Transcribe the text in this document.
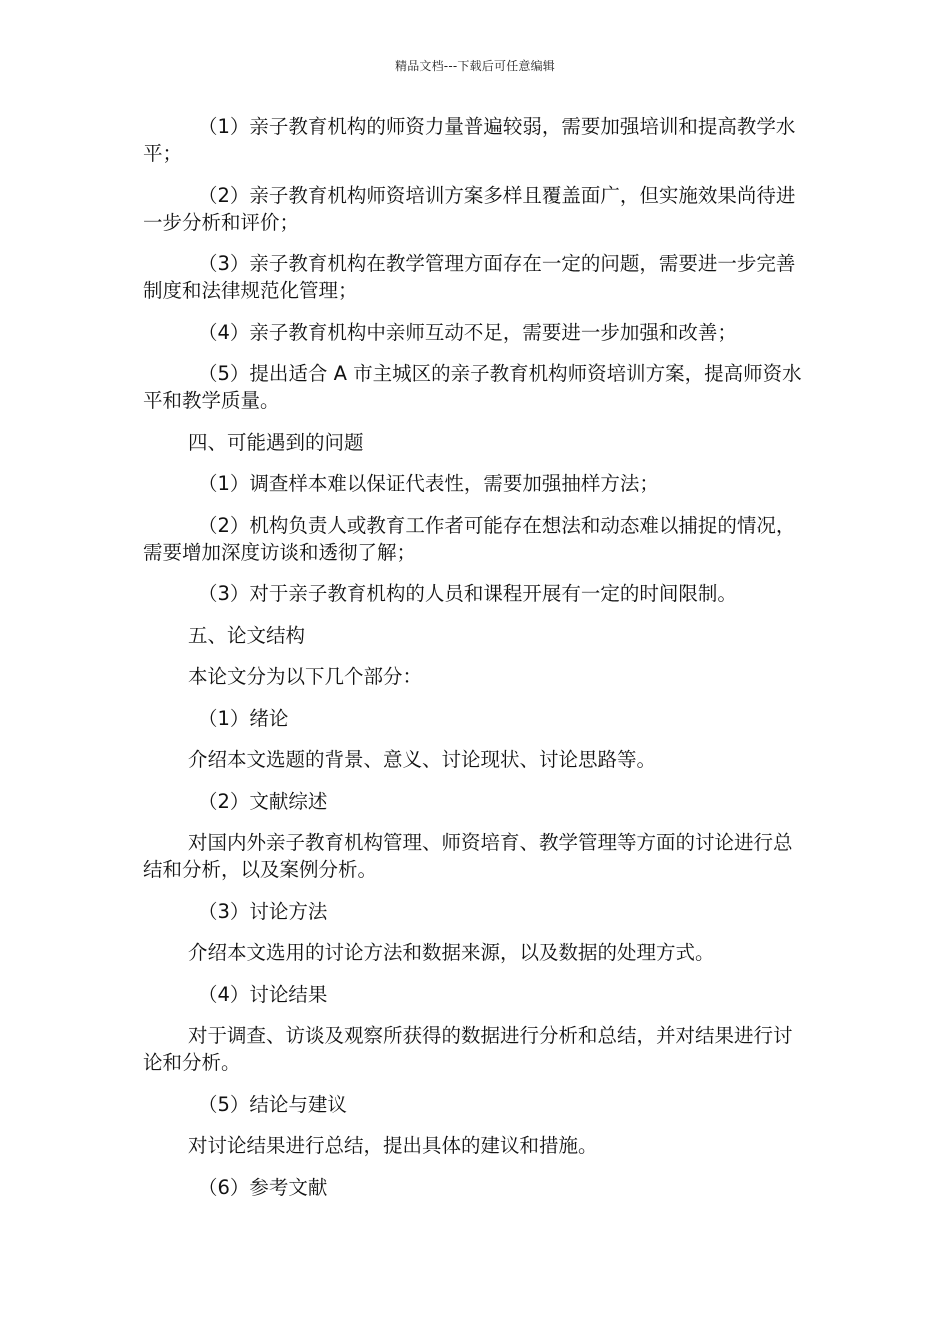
精品文档---下载后可任意编辑

（1）亲子教育机构的师资力量普遍较弱，需要加强培训和提高教学水平；

（2）亲子教育机构师资培训方案多样且覆盖面广，但实施效果尚待进一步分析和评价；

（3）亲子教育机构在教学管理方面存在一定的问题，需要进一步完善制度和法律规范化管理；

（4）亲子教育机构中亲师互动不足，需要进一步加强和改善；

（5）提出适合 A 市主城区的亲子教育机构师资培训方案，提高师资水平和教学质量。

四、可能遇到的问题

（1）调查样本难以保证代表性，需要加强抽样方法；

（2）机构负责人或教育工作者可能存在想法和动态难以捕捉的情况，需要增加深度访谈和透彻了解；

（3）对于亲子教育机构的人员和课程开展有一定的时间限制。

五、论文结构

本论文分为以下几个部分：

（1）绪论

介绍本文选题的背景、意义、讨论现状、讨论思路等。

（2）文献综述

对国内外亲子教育机构管理、师资培育、教学管理等方面的讨论进行总结和分析，以及案例分析。

（3）讨论方法

介绍本文选用的讨论方法和数据来源，以及数据的处理方式。

（4）讨论结果

对于调查、访谈及观察所获得的数据进行分析和总结，并对结果进行讨论和分析。

（5）结论与建议

对讨论结果进行总结，提出具体的建议和措施。

（6）参考文献
